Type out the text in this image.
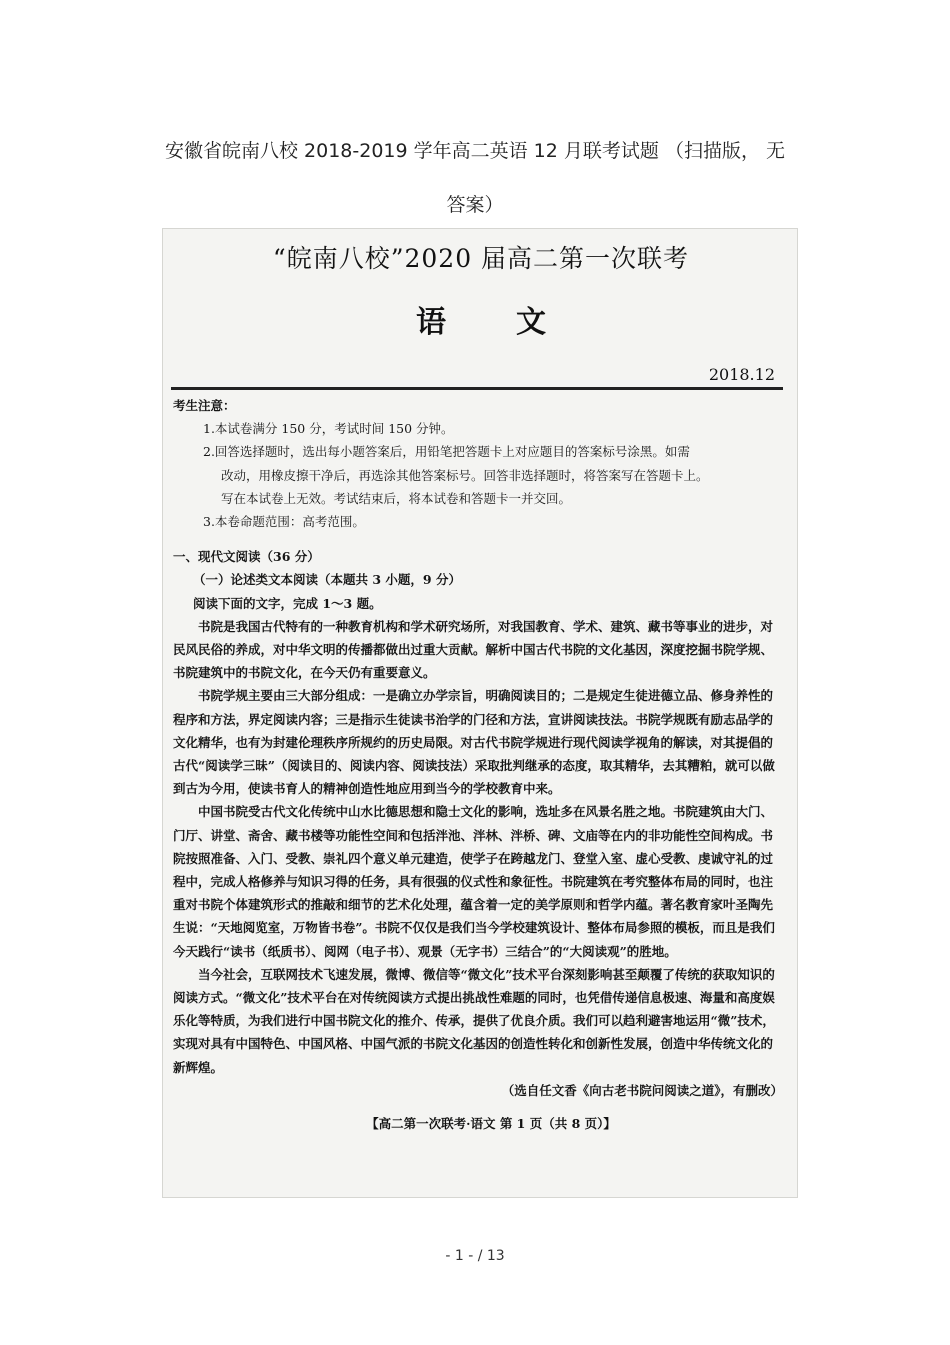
安徽省皖南八校 2018-2019 学年高二英语 12 月联考试题 （扫描版， 无
答案）
“皖南八校”2020 届高二第一次联考
语文
2018.12

考生注意：

1.本试卷满分 150 分，考试时间 150 分钟。

2.回答选择题时，选出每小题答案后，用铅笔把答题卡上对应题目的答案标号涂黑。如需

改动，用橡皮擦干净后，再选涂其他答案标号。回答非选择题时，将答案写在答题卡上。

写在本试卷上无效。考试结束后，将本试卷和答题卡一并交回。

3.本卷命题范围：高考范围。

一、现代文阅读（36 分）

（一）论述类文本阅读（本题共 3 小题，9 分）

阅读下面的文字，完成 1～3 题。

书院是我国古代特有的一种教育机构和学术研究场所，对我国教育、学术、建筑、藏书等事业的进步，对民风民俗的养成，对中华文明的传播都做出过重大贡献。解析中国古代书院的文化基因，深度挖掘书院学规、书院建筑中的书院文化，在今天仍有重要意义。

书院学规主要由三大部分组成：一是确立办学宗旨，明确阅读目的；二是规定生徒进德立品、修身养性的程序和方法，界定阅读内容；三是指示生徒读书治学的门径和方法，宣讲阅读技法。书院学规既有励志品学的文化精华，也有为封建伦理秩序所规约的历史局限。对古代书院学规进行现代阅读学视角的解读，对其提倡的古代“阅读学三昧”（阅读目的、阅读内容、阅读技法）采取批判继承的态度，取其精华，去其糟粕，就可以做到古为今用，使读书育人的精神创造性地应用到当今的学校教育中来。

中国书院受古代文化传统中山水比德思想和隐士文化的影响，选址多在风景名胜之地。书院建筑由大门、门厅、讲堂、斋舍、藏书楼等功能性空间和包括泮池、泮林、泮桥、碑、文庙等在内的非功能性空间构成。书院按照准备、入门、受教、崇礼四个意义单元建造，使学子在跨越龙门、登堂入室、虚心受教、虔诚守礼的过程中，完成人格修养与知识习得的任务，具有很强的仪式性和象征性。书院建筑在考究整体布局的同时，也注重对书院个体建筑形式的推敲和细节的艺术化处理，蕴含着一定的美学原则和哲学内蕴。著名教育家叶圣陶先生说：“天地阅览室，万物皆书卷”。书院不仅仅是我们当今学校建筑设计、整体布局参照的模板，而且是我们今天践行“读书（纸质书）、阅网（电子书）、观景（无字书）三结合”的“大阅读观”的胜地。

当今社会，互联网技术飞速发展，微博、微信等“微文化”技术平台深刻影响甚至颠覆了传统的获取知识的阅读方式。“微文化”技术平台在对传统阅读方式提出挑战性难题的同时，也凭借传递信息极速、海量和高度娱乐化等特质，为我们进行中国书院文化的推介、传承，提供了优良介质。我们可以趋利避害地运用“微”技术，实现对具有中国特色、中国风格、中国气派的书院文化基因的创造性转化和创新性发展，创造中华传统文化的新辉煌。

（选自任文香《向古老书院问阅读之道》，有删改）

【高二第一次联考·语文 第 1 页（共 8 页）】
- 1 - / 13
